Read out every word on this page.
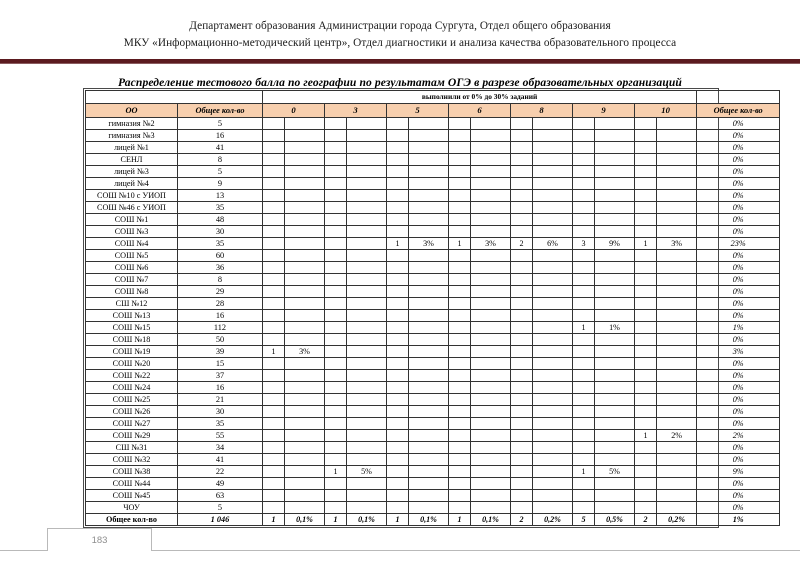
Департамент образования Администрации города Сургута, Отдел общего образования
МКУ «Информационно-методический центр», Отдел диагностики и анализа качества образовательного процесса
Распределение тестового балла по географии по результатам ОГЭ в разрезе образовательных организаций
		выполнили от 0% до 30% заданий														
ОО	Общее кол-во	0		3		5		6		8		9		10		Общее кол-во
гимназия №2	5															0%
гимназия №3	16															0%
лицей №1	41															0%
СЕНЛ	8															0%
лицей №3	5															0%
лицей №4	9															0%
СОШ №10 с УИОП	13															0%
СОШ №46 с УИОП	35															0%
СОШ №1	48															0%
СОШ №3	30															0%
СОШ №4	35					1	3%	1	3%	2	6%	3	9%	1	3%	23%
СОШ №5	60															0%
СОШ №6	36															0%
СОШ №7	8															0%
СОШ №8	29															0%
СШ №12	28															0%
СОШ №13	16															0%
СОШ №15	112											1	1%			1%
СОШ №18	50															0%
СОШ №19	39	1	3%													3%
СОШ №20	15															0%
СОШ №22	37															0%
СОШ №24	16															0%
СОШ №25	21															0%
СОШ №26	30															0%
СОШ №27	35															0%
СОШ №29	55													1	2%	2%
СШ №31	34															0%
СОШ №32	41															0%
СОШ №38	22			1	5%							1	5%			9%
СОШ №44	49															0%
СОШ №45	63															0%
ЧОУ	5															0%
Общее кол-во	1 046	1	0,1%	1	0,1%	1	0,1%	1	0,1%	2	0,2%	5	0,5%	2	0,2%	1%
183
